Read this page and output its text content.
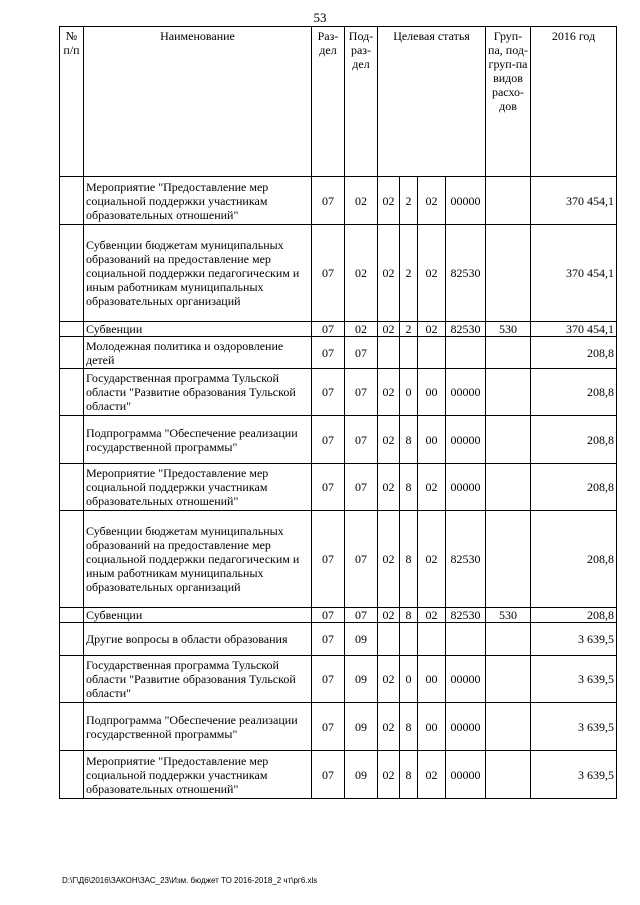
53
№ п/п	Наименование	Раз-дел	Под-раз-дел	Целевая статья				Груп-па, под-груп-па видов расхо-дов	2016 год
	Мероприятие "Предоставление мер социальной поддержки участникам образовательных отношений"	07	02	02	2	02	00000		370 454,1
	Субвенции бюджетам муниципальных образований на предоставление мер социальной поддержки педагогическим и иным работникам муниципальных образовательных организаций	07	02	02	2	02	82530		370 454,1
	Субвенции	07	02	02	2	02	82530	530	370 454,1
	Молодежная политика и оздоровление детей	07	07						208,8
	Государственная программа Тульской области "Развитие образования Тульской области"	07	07	02	0	00	00000		208,8
	Подпрограмма "Обеспечение реализации государственной программы"	07	07	02	8	00	00000		208,8
	Мероприятие "Предоставление мер социальной поддержки участникам образовательных отношений"	07	07	02	8	02	00000		208,8
	Субвенции бюджетам муниципальных образований на предоставление мер социальной поддержки педагогическим и иным работникам муниципальных образовательных организаций	07	07	02	8	02	82530		208,8
	Субвенции	07	07	02	8	02	82530	530	208,8
	Другие вопросы в области образования	07	09						3 639,5
	Государственная программа Тульской области "Развитие образования Тульской области"	07	09	02	0	00	00000		3 639,5
	Подпрограмма "Обеспечение реализации государственной программы"	07	09	02	8	00	00000		3 639,5
	Мероприятие "Предоставление мер социальной поддержки участникам образовательных отношений"	07	09	02	8	02	00000		3 639,5
D:\Г\Д6\2016\ЗАКОН\ЗАС_23\Изм. бюджет ТО 2016-2018_2 чт\рг6.xls
